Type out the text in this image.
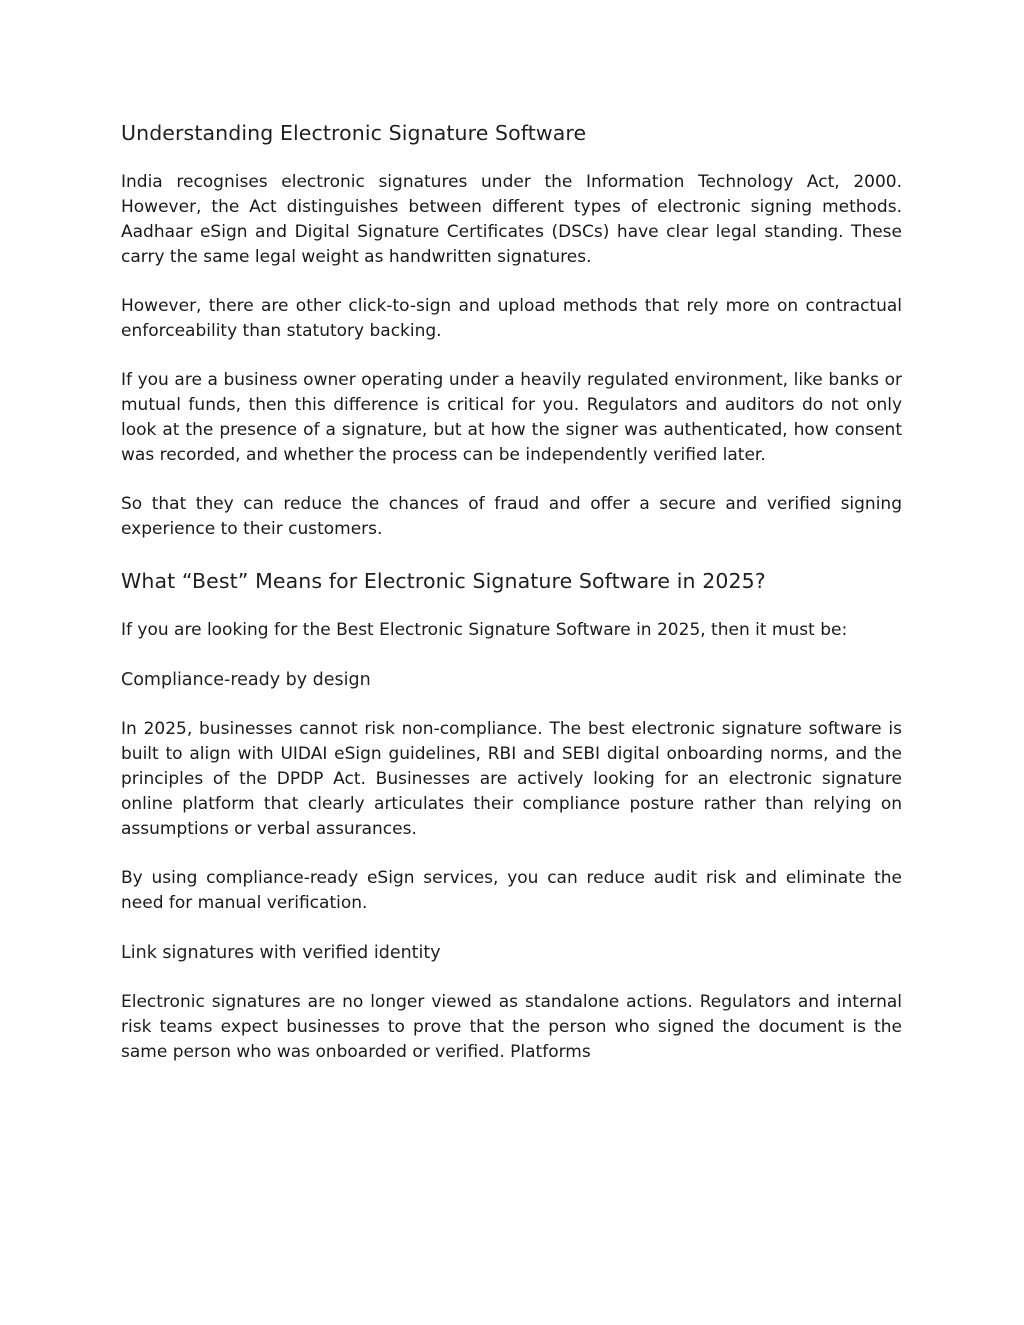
Understanding Electronic Signature Software

India recognises electronic signatures under the Information Technology Act, 2000. However, the Act distinguishes between different types of electronic signing methods. Aadhaar eSign and Digital Signature Certificates (DSCs) have clear legal standing. These carry the same legal weight as handwritten signatures.

However, there are other click-to-sign and upload methods that rely more on contractual enforceability than statutory backing.

If you are a business owner operating under a heavily regulated environment, like banks or mutual funds, then this difference is critical for you. Regulators and auditors do not only look at the presence of a signature, but at how the signer was authenticated, how consent was recorded, and whether the process can be independently verified later.

So that they can reduce the chances of fraud and offer a secure and verified signing experience to their customers.

What “Best” Means for Electronic Signature Software in 2025?

If you are looking for the Best Electronic Signature Software in 2025, then it must be:

Compliance-ready by design

In 2025, businesses cannot risk non-compliance. The best electronic signature software is built to align with UIDAI eSign guidelines, RBI and SEBI digital onboarding norms, and the principles of the DPDP Act. Businesses are actively looking for an electronic signature online platform that clearly articulates their compliance posture rather than relying on assumptions or verbal assurances.

By using compliance-ready eSign services, you can reduce audit risk and eliminate the need for manual verification.

Link signatures with verified identity

Electronic signatures are no longer viewed as standalone actions. Regulators and internal risk teams expect businesses to prove that the person who signed the document is the same person who was onboarded or verified. Platforms
